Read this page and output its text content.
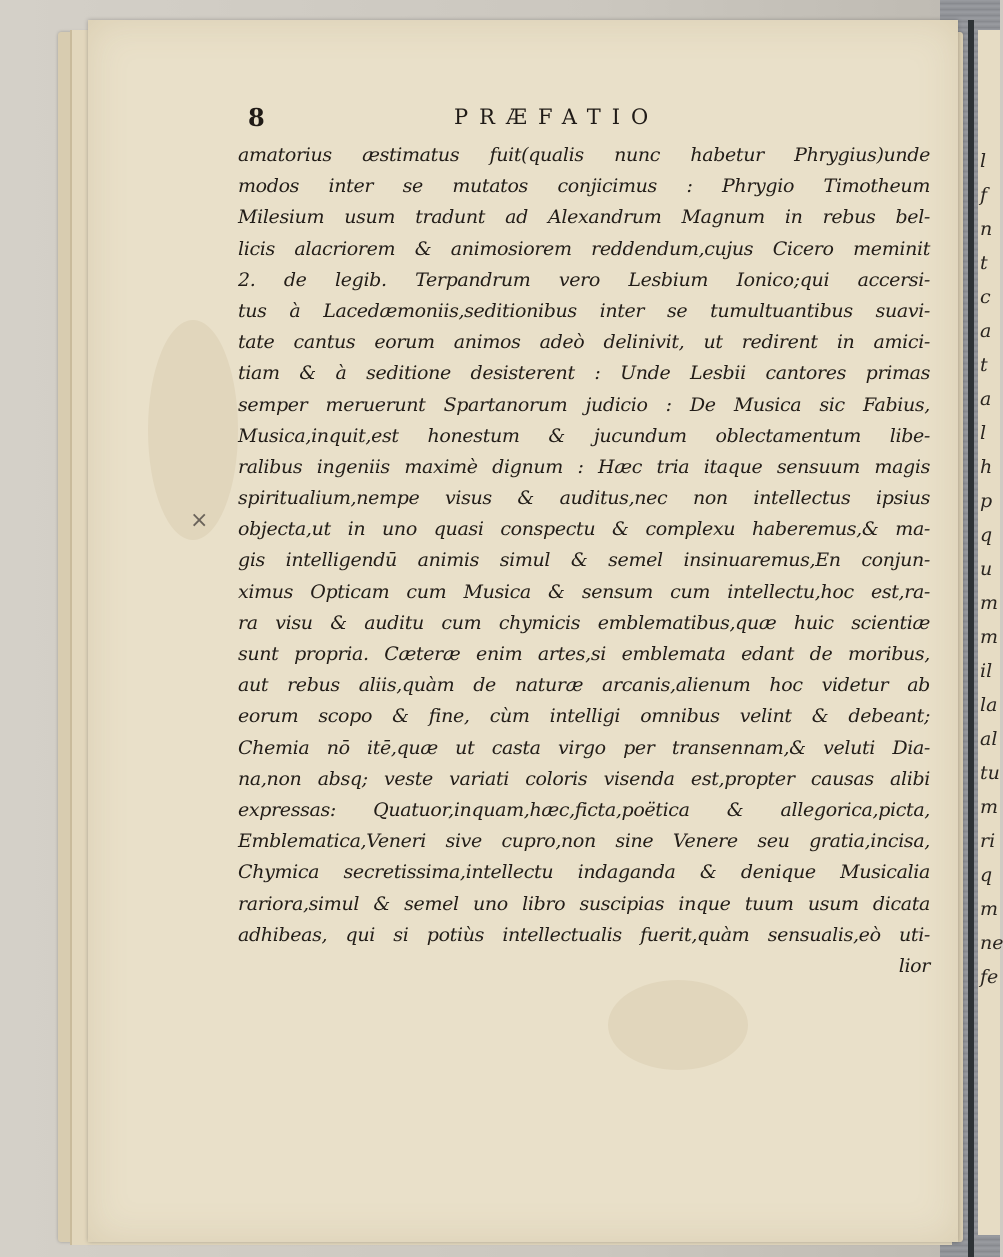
l
f
n
t
c
a
t
a
l
h
p
q
u
m
m
il
la
al
tu
m
ri
q
m
ne
fe
8	PRÆFATIO
×
amatorius æstimatus fuit(qualis nunc habetur Phrygius)unde
modos inter se mutatos conjicimus : Phrygio Timotheum
Milesium usum tradunt ad Alexandrum Magnum in rebus bel-
licis alacriorem & animosiorem reddendum,cujus Cicero meminit
2. de legib. Terpandrum vero Lesbium Ionico;qui accersi-
tus à Lacedæmoniis,seditionibus inter se tumultuantibus suavi-
tate cantus eorum animos adeò delinivit, ut redirent in amici-
tiam & à seditione desisterent : Unde Lesbii cantores primas
semper meruerunt Spartanorum judicio : De Musica sic Fabius,
Musica,inquit,est honestum & jucundum oblectamentum libe-
ralibus ingeniis maximè dignum : Hæc tria itaque sensuum magis
spiritualium,nempe visus & auditus,nec non intellectus ipsius
objecta,ut in uno quasi conspectu & complexu haberemus,& ma-
gis intelligendū animis simul & semel insinuaremus,En conjun-
ximus Opticam cum Musica & sensum cum intellectu,hoc est,ra-
ra visu & auditu cum chymicis emblematibus,quæ huic scientiæ
sunt propria. Cæteræ enim artes,si emblemata edant de moribus,
aut rebus aliis,quàm de naturæ arcanis,alienum hoc videtur ab
eorum scopo & fine, cùm intelligi omnibus velint & debeant;
Chemia nō itē,quæ ut casta virgo per transennam,& veluti Dia-
na,non absq; veste variati coloris visenda est,propter causas alibi
expressas: Quatuor,inquam,hæc,ficta,poëtica & allegorica,picta,
Emblematica,Veneri sive cupro,non sine Venere seu gratia,incisa,
Chymica secretissima,intellectu indaganda & denique Musicalia
rariora,simul & semel uno libro suscipias inque tuum usum dicata
adhibeas, qui si potiùs intellectualis fuerit,quàm sensualis,eò uti-
lior
